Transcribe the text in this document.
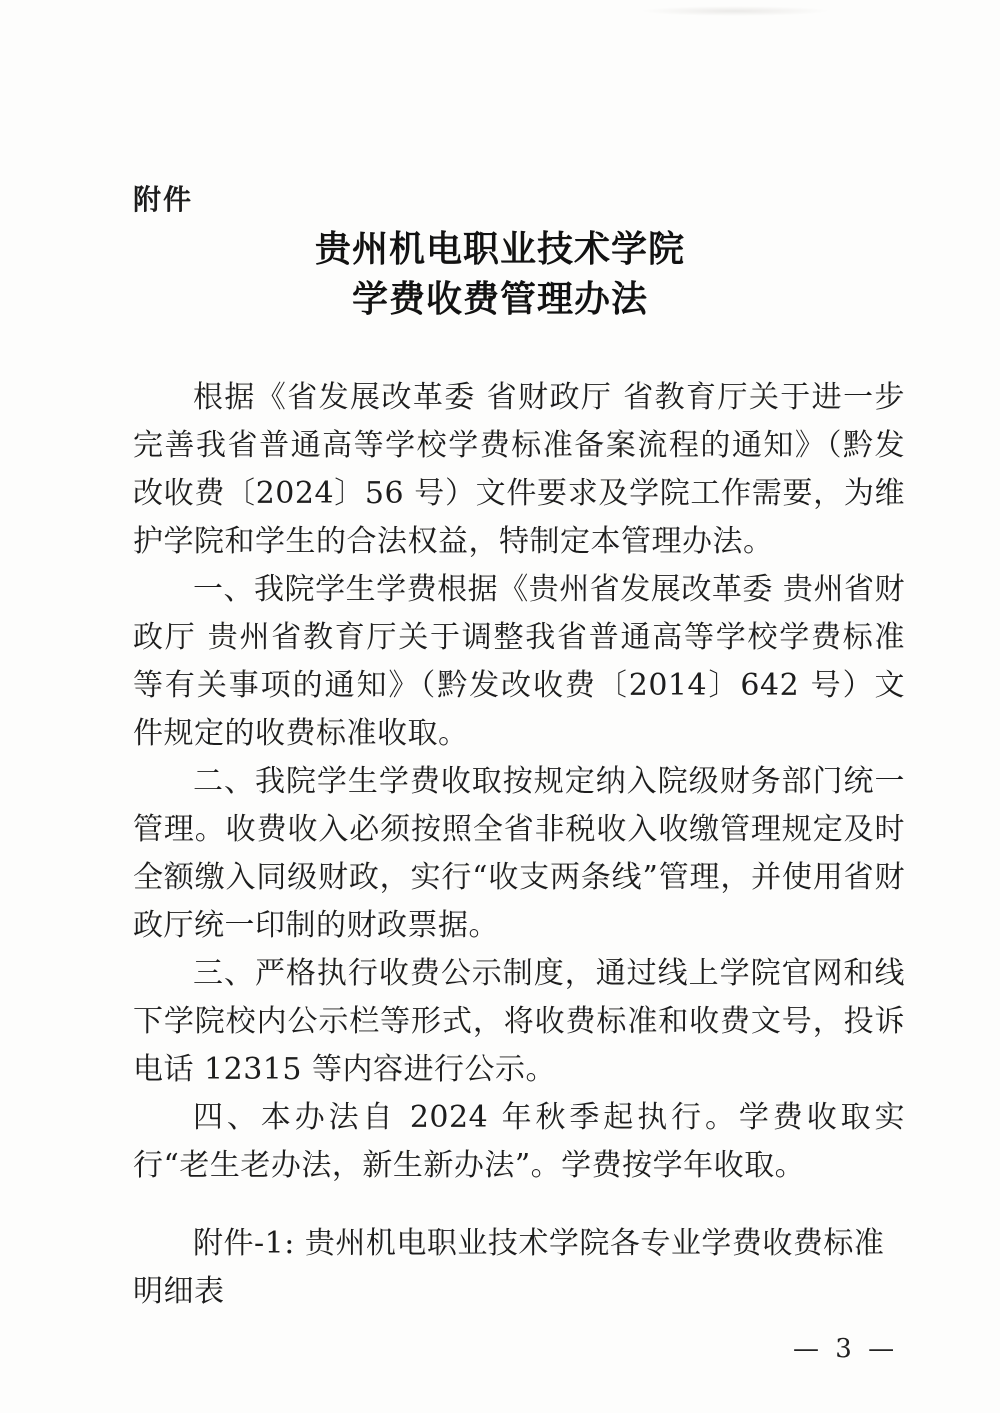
附件
贵州机电职业技术学院
学费收费管理办法

根据《省发展改革委 省财政厅 省教育厅关于进一步完善我省普通高等学校学费标准备案流程的通知》（黔发改收费〔2024〕56 号）文件要求及学院工作需要，为维护学院和学生的合法权益，特制定本管理办法。

一、我院学生学费根据《贵州省发展改革委 贵州省财政厅 贵州省教育厅关于调整我省普通高等学校学费标准等有关事项的通知》（黔发改收费〔2014〕642 号）文件规定的收费标准收取。

二、我院学生学费收取按规定纳入院级财务部门统一管理。收费收入必须按照全省非税收入收缴管理规定及时全额缴入同级财政，实行“收支两条线”管理，并使用省财政厅统一印制的财政票据。

三、严格执行收费公示制度，通过线上学院官网和线下学院校内公示栏等形式，将收费标准和收费文号，投诉电话 12315 等内容进行公示。

四、本办法自 2024 年秋季起执行。学费收取实行“老生老办法，新生新办法”。学费按学年收取。

附件-1: 贵州机电职业技术学院各专业学费收费标准明细表

— 3 —
